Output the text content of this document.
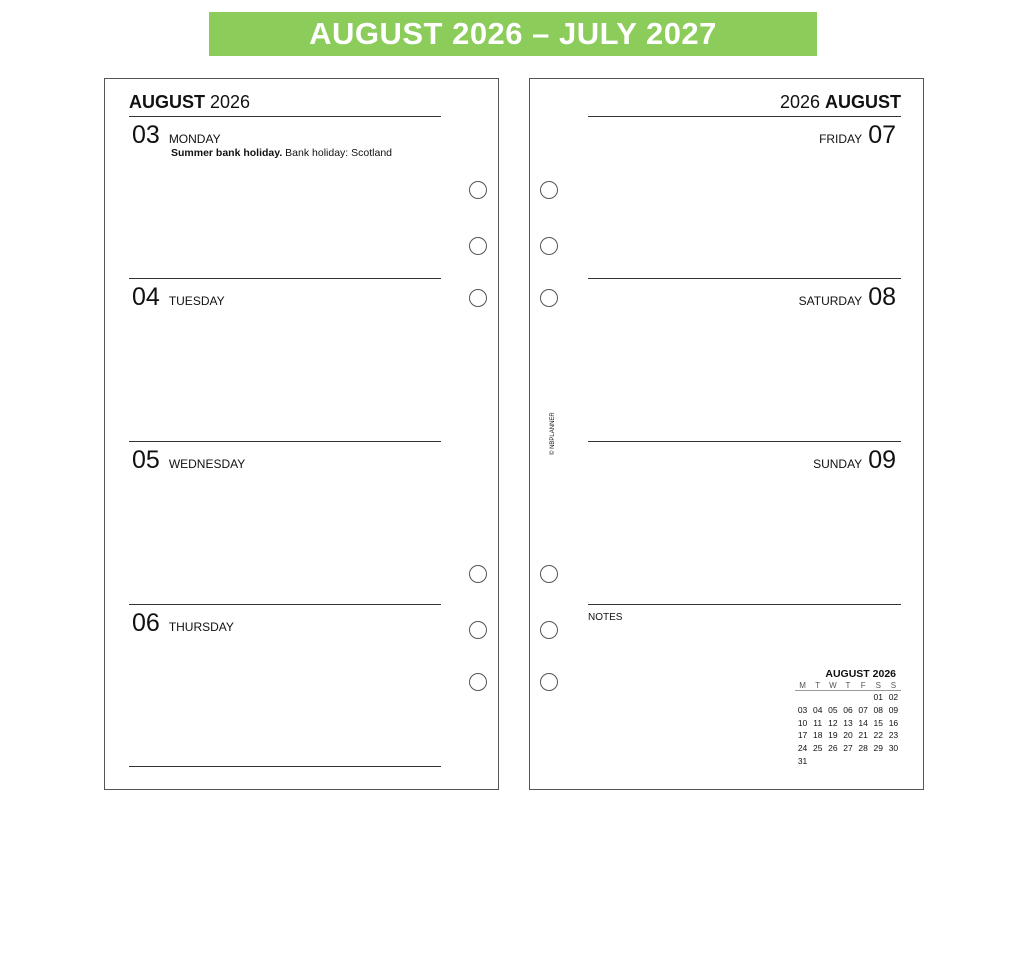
AUGUST 2026 – JULY 2027
AUGUST 2026
03 MONDAY
Summer bank holiday. Bank holiday: Scotland
04 TUESDAY
05 WEDNESDAY
06 THURSDAY
2026 AUGUST
FRIDAY 07
SATURDAY 08
SUNDAY 09
NOTES
© NBPLANNER
AUGUST 2026
M	T	W	T	F	S	S
					01	02
03	04	05	06	07	08	09
10	11	12	13	14	15	16
17	18	19	20	21	22	23
24	25	26	27	28	29	30
31						
